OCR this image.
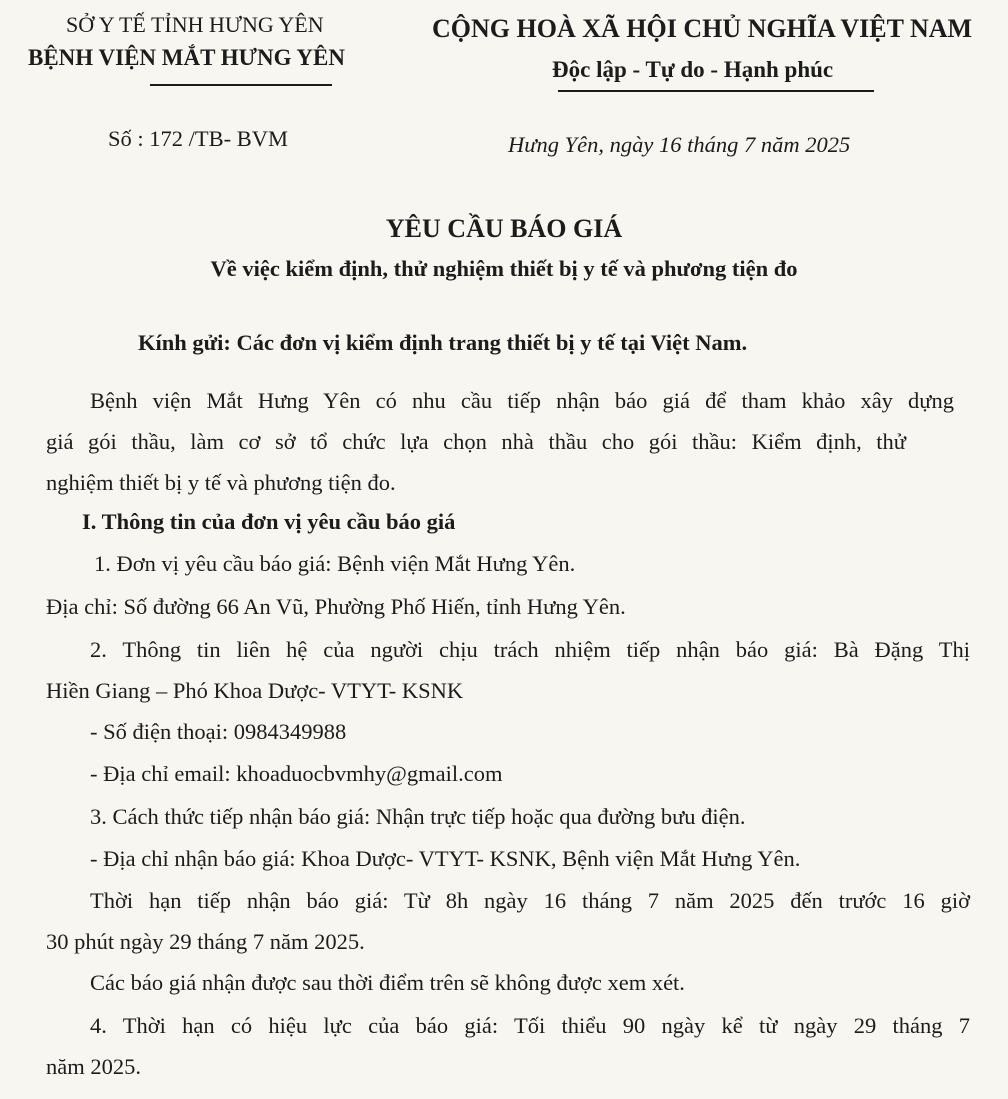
SỞ Y TẾ TỈNH HƯNG YÊN
BỆNH VIỆN MẮT HƯNG YÊN
CỘNG HOÀ XÃ HỘI CHỦ NGHĨA VIỆT NAM
Độc lập - Tự do - Hạnh phúc
Số : 172 /TB- BVM	Hưng Yên, ngày 16 tháng 7 năm 2025
YÊU CẦU BÁO GIÁ
Về việc kiểm định, thử nghiệm thiết bị y tế và phương tiện đo
Kính gửi: Các đơn vị kiểm định trang thiết bị y tế tại Việt Nam.
Bệnh viện Mắt Hưng Yên có nhu cầu tiếp nhận báo giá để tham khảo xây dựng
giá gói thầu, làm cơ sở tổ chức lựa chọn nhà thầu cho gói thầu: Kiểm định, thử
nghiệm thiết bị y tế và phương tiện đo.
I. Thông tin của đơn vị yêu cầu báo giá
1. Đơn vị yêu cầu báo giá: Bệnh viện Mắt Hưng Yên.
Địa chỉ: Số đường 66 An Vũ, Phường Phố Hiến, tỉnh Hưng Yên.
2. Thông tin liên hệ của người chịu trách nhiệm tiếp nhận báo giá: Bà Đặng Thị
Hiền Giang – Phó Khoa Dược- VTYT- KSNK
- Số điện thoại: 0984349988
- Địa chỉ email: khoaduocbvmhy@gmail.com
3. Cách thức tiếp nhận báo giá: Nhận trực tiếp hoặc qua đường bưu điện.
- Địa chỉ nhận báo giá: Khoa Dược- VTYT- KSNK, Bệnh viện Mắt Hưng Yên.
Thời hạn tiếp nhận báo giá: Từ 8h ngày 16 tháng 7 năm 2025 đến trước 16 giờ
30 phút ngày 29 tháng 7 năm 2025.
Các báo giá nhận được sau thời điểm trên sẽ không được xem xét.
4. Thời hạn có hiệu lực của báo giá: Tối thiểu 90 ngày kể từ ngày 29 tháng 7
năm 2025.
